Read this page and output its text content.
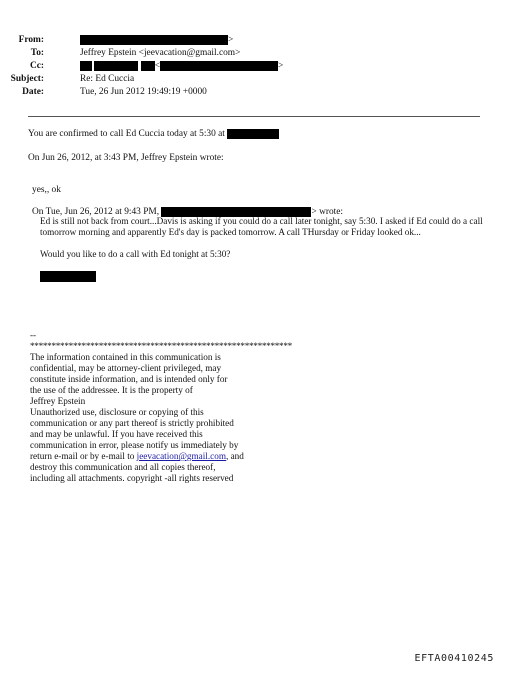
From:	>
To:	Jeffrey Epstein <jeevacation@gmail.com>
Cc:	<	>
Subject:	Re: Ed Cuccia
Date:	Tue, 26 Jun 2012 19:49:19 +0000
You are confirmed to call Ed Cuccia today at 5:30 at
On Jun 26, 2012, at 3:43 PM, Jeffrey Epstein wrote:
yes,, ok
On Tue, Jun 26, 2012 at 9:43 PM,	> wrote:

Ed is still not back from court...Davis is asking if you could do a call later tonight, say 5:30. I asked if Ed could do a call tomorrow morning and apparently Ed's day is packed tomorrow. A call THursday or Friday looked ok...

Would you like to do a call with Ed tonight at 5:30?

--

*************************************************************

The information contained in this communication is

confidential, may be attorney-client privileged, may

constitute inside information, and is intended only for

the use of the addressee. It is the property of

Jeffrey Epstein

Unauthorized use, disclosure or copying of this

communication or any part thereof is strictly prohibited

and may be unlawful. If you have received this

communication in error, please notify us immediately by

return e-mail or by e-mail to jeevacation@gmail.com, and

destroy this communication and all copies thereof,

including all attachments. copyright -all rights reserved

EFTA00410245
